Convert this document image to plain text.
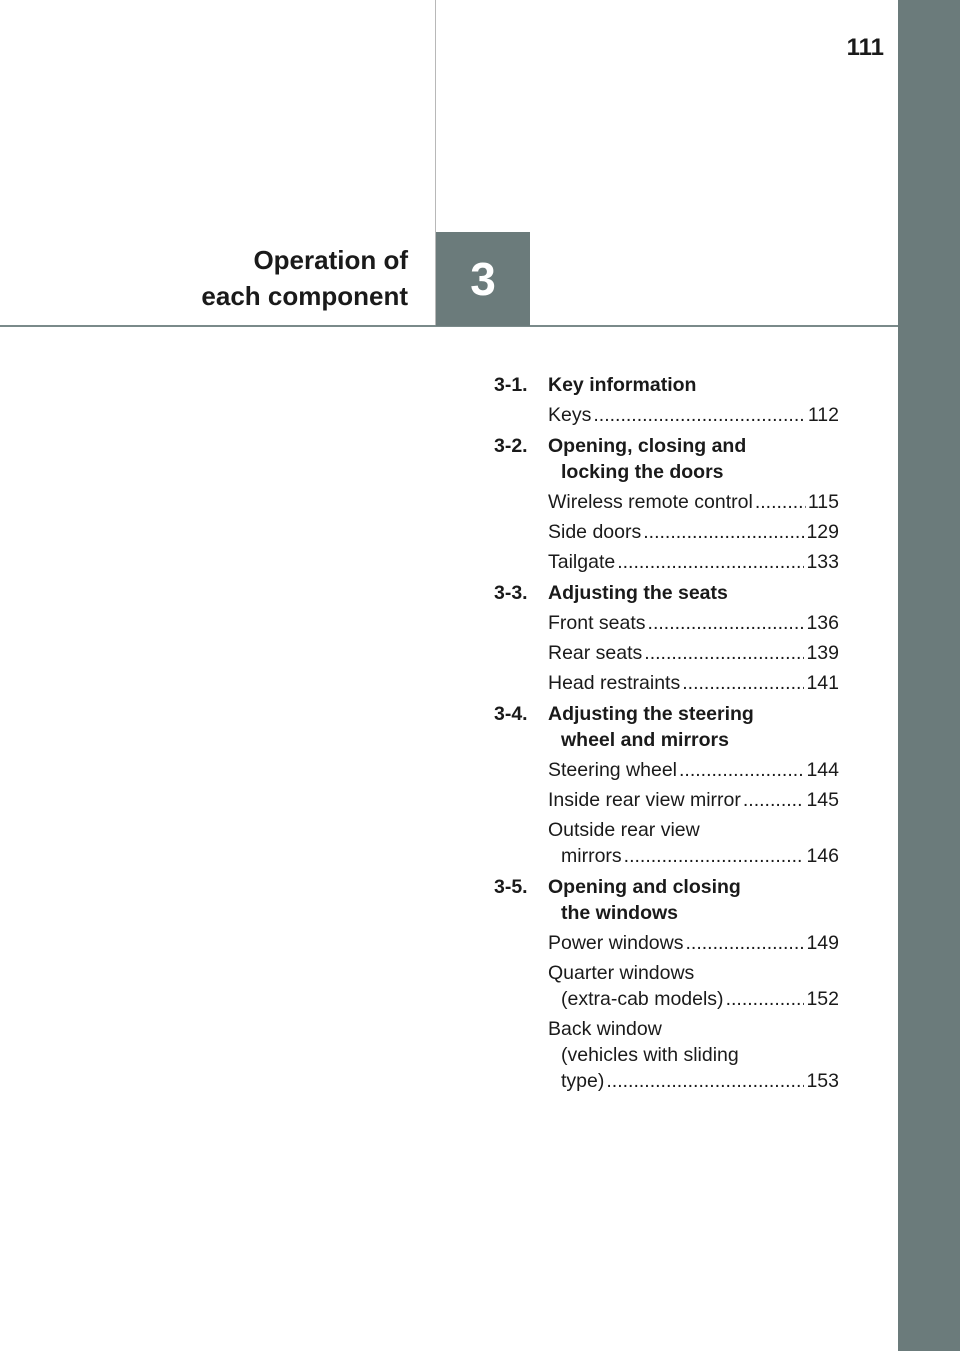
111
Operation of
each component 3
3-1.	Key information
Keys .....	112
3-2.	Opening, closing and
locking the doors
Wireless remote control .....	115
Side doors .....	129
Tailgate .....	133
3-3.	Adjusting the seats
Front seats .....	136
Rear seats .....	139
Head restraints .....	141
3-4.	Adjusting the steering
wheel and mirrors
Steering wheel .....	144
Inside rear view mirror .....	145
Outside rear view
mirrors .....	146
3-5.	Opening and closing
the windows
Power windows .....	149
Quarter windows
(extra-cab models) .....	152
Back window
(vehicles with sliding
type) .....	153
